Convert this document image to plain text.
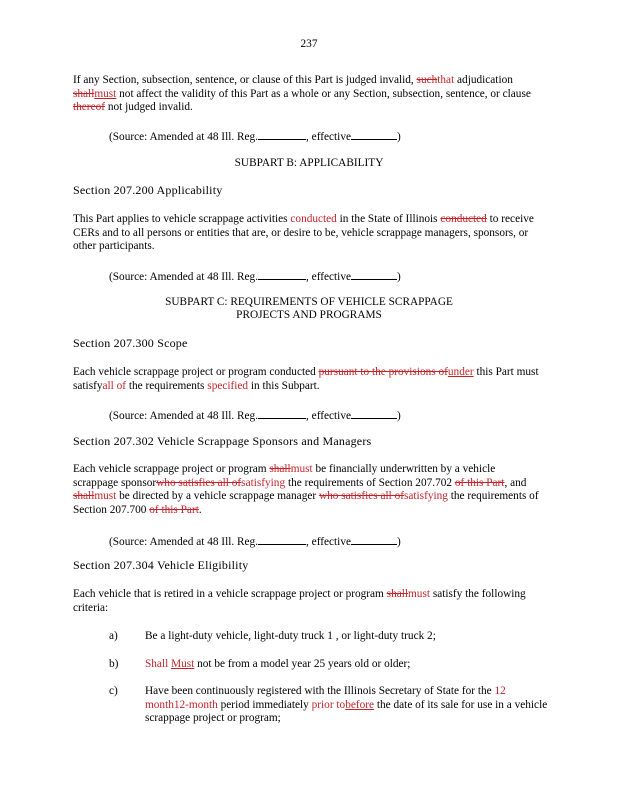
237
If any Section, subsection, sentence, or clause of this Part is judged invalid, suchthat adjudication shallmust not affect the validity of this Part as a whole or any Section, subsection, sentence, or clause thereof not judged invalid.
(Source: Amended at 48 Ill. Reg.	, effective	)
SUBPART B: APPLICABILITY
Section 207.200 Applicability
This Part applies to vehicle scrappage activities conducted in the State of Illinois conducted to receive CERs and to all persons or entities that are, or desire to be, vehicle scrappage managers, sponsors, or other participants.
(Source: Amended at 48 Ill. Reg.	, effective	)
SUBPART C: REQUIREMENTS OF VEHICLE SCRAPPAGE
PROJECTS AND PROGRAMS
Section 207.300 Scope
Each vehicle scrappage project or program conducted pursuant to the provisions ofunder this Part must satisfyall of the requirements specified in this Subpart.
(Source: Amended at 48 Ill. Reg.	, effective	)
Section 207.302 Vehicle Scrappage Sponsors and Managers
Each vehicle scrappage project or program shallmust be financially underwritten by a vehicle scrappage sponsorwho satisfies all ofsatisfying the requirements of Section 207.702 of this Part, and shallmust be directed by a vehicle scrappage manager who satisfies all ofsatisfying the requirements of Section 207.700 of this Part.
(Source: Amended at 48 Ill. Reg.	, effective	)
Section 207.304 Vehicle Eligibility
Each vehicle that is retired in a vehicle scrappage project or program shallmust satisfy the following criteria:
a) Be a light-duty vehicle, light-duty truck 1 , or light-duty truck 2;
b) Shall Must not be from a model year 25 years old or older;
c) Have been continuously registered with the Illinois Secretary of State for the 12 month12-month period immediately prior tobefore the date of its sale for use in a vehicle scrappage project or program;
